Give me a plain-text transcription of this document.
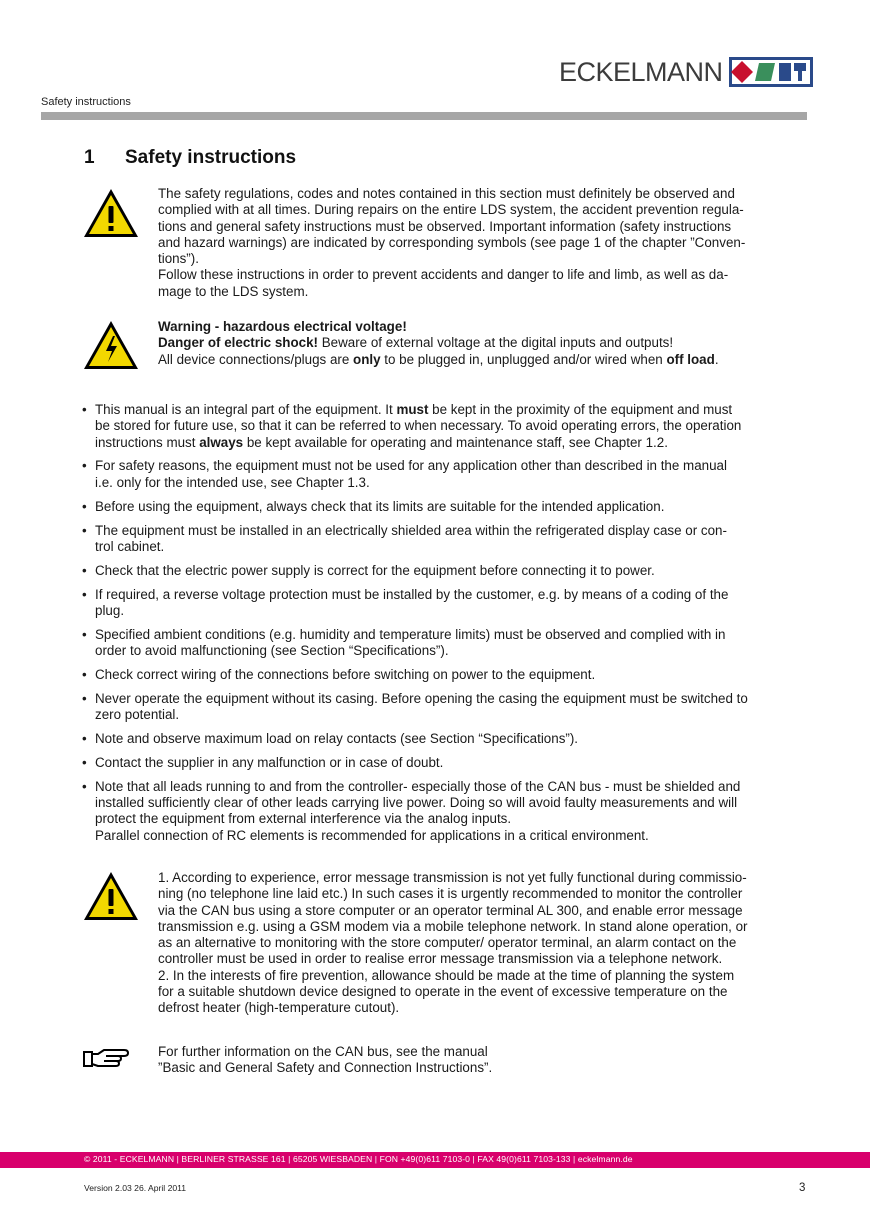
ECKELMANN
Safety instructions
1 Safety instructions

The safety regulations, codes and notes contained in this section must definitely be observed and

complied with at all times. During repairs on the entire LDS system, the accident prevention regula-

tions and general safety instructions must be observed. Important information (safety instructions

and hazard warnings) are indicated by corresponding symbols (see page 1 of the chapter ”Conven-

tions”).

Follow these instructions in order to prevent accidents and danger to life and limb, as well as da-

mage to the LDS system.

Warning - hazardous electrical voltage!

Danger of electric shock! Beware of external voltage at the digital inputs and outputs!

All device connections/plugs are only to be plugged in, unplugged and/or wired when off load.

• This manual is an integral part of the equipment. It must be kept in the proximity of the equipment and must
be stored for future use, so that it can be referred to when necessary. To avoid operating errors, the operation
instructions must always be kept available for operating and maintenance staff, see Chapter 1.2.
• For safety reasons, the equipment must not be used for any application other than described in the manual
i.e. only for the intended use, see Chapter 1.3.
• Before using the equipment, always check that its limits are suitable for the intended application.
• The equipment must be installed in an electrically shielded area within the refrigerated display case or con-
trol cabinet.
• Check that the electric power supply is correct for the equipment before connecting it to power.
• If required, a reverse voltage protection must be installed by the customer, e.g. by means of a coding of the
plug.
• Specified ambient conditions (e.g. humidity and temperature limits) must be observed and complied with in
order to avoid malfunctioning (see Section “Specifications”).
• Check correct wiring of the connections before switching on power to the equipment.
• Never operate the equipment without its casing. Before opening the casing the equipment must be switched to
zero potential.
• Note and observe maximum load on relay contacts (see Section “Specifications”).
• Contact the supplier in any malfunction or in case of doubt.
• Note that all leads running to and from the controller- especially those of the CAN bus - must be shielded and
installed sufficiently clear of other leads carrying live power. Doing so will avoid faulty measurements and will
protect the equipment from external interference via the analog inputs.
Parallel connection of RC elements is recommended for applications in a critical environment.

1. According to experience, error message transmission is not yet fully functional during commissio-

ning (no telephone line laid etc.) In such cases it is urgently recommended to monitor the controller

via the CAN bus using a store computer or an operator terminal AL 300, and enable error message

transmission e.g. using a GSM modem via a mobile telephone network. In stand alone operation, or

as an alternative to monitoring with the store computer/ operator terminal, an alarm contact on the

controller must be used in order to realise error message transmission via a telephone network.

2. In the interests of fire prevention, allowance should be made at the time of planning the system

for a suitable shutdown device designed to operate in the event of excessive temperature on the

defrost heater (high-temperature cutout).

For further information on the CAN bus, see the manual

”Basic and General Safety and Connection Instructions”.

© 2011 - ECKELMANN | BERLINER STRASSE 161 | 65205 WIESBADEN | FON +49(0)611 7103-0 | FAX 49(0)611 7103-133 | eckelmann.de
Version 2.03 26. April 2011	3
